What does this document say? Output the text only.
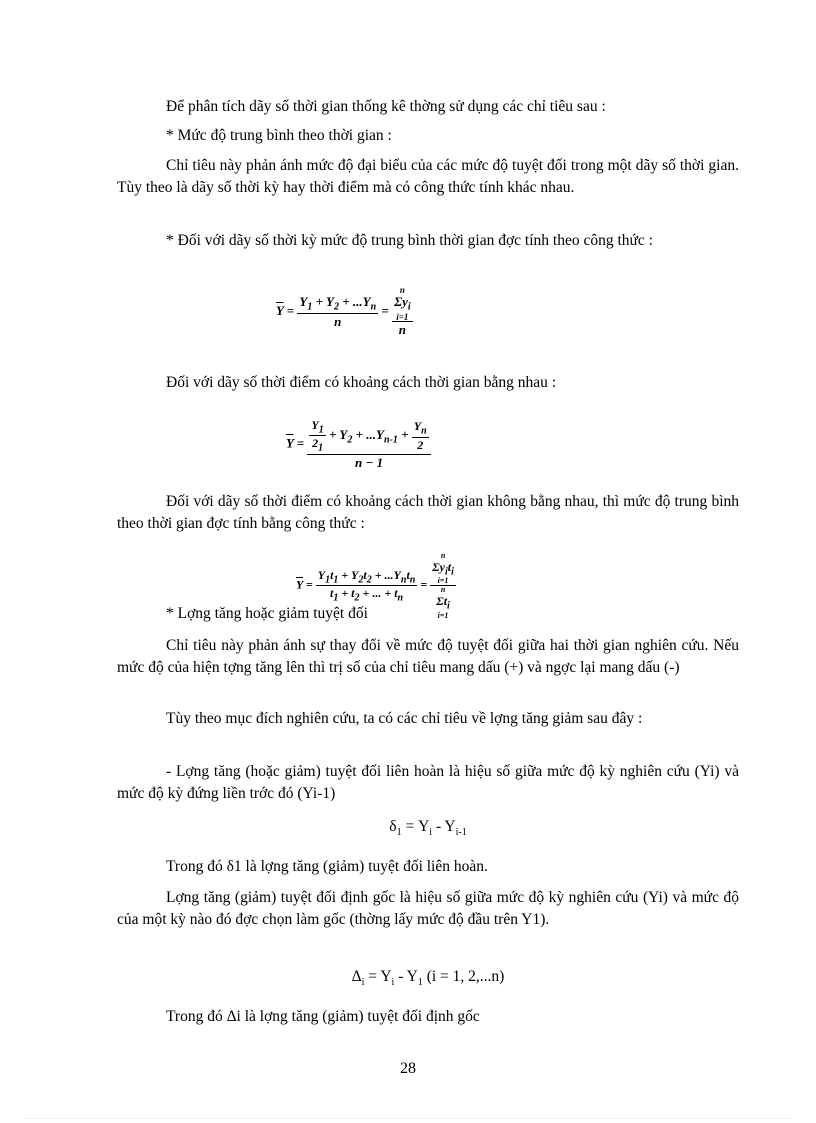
Để phân tích dãy số thời gian thống kê thờng sử dụng các chỉ tiêu sau :

* Mức độ trung bình theo thời gian :

Chỉ tiêu này phản ánh mức độ đại biểu của các mức độ tuyệt đối trong một dãy số thời gian. Tùy theo là dãy số thời kỳ hay thời điểm mà có công thức tính khác nhau.

* Đối với dãy số thời kỳ mức độ trung bình thời gian đợc tính theo công thức :

$\overline{Y} = \frac{Y_1 + Y_2 + ...Y_n}{n} = n$
$\Sigma y_i$
i=1
n

Đối với dãy số thời điểm có khoảng cách thời gian bằng nhau :

$\overline{Y} = \frac{\frac{Y_1}{2_1} + Y_2 + ...Y_{n-1} + \frac{Y_n}{2}}{n - 1}$

Đối với dãy số thời điểm có khoảng cách thời gian không bằng nhau, thì mức độ trung bình theo thời gian đợc tính bằng công thức :

$\overline{Y} = \frac{Y_1t_1 + Y_2t_2 + ...Y_nt_n}{t_1 + t_2 + ... + t_n} = n$
$\Sigma y_it_i$
i=1
n
$\Sigma t_i$
i=1

* Lợng tăng hoặc giảm tuyệt đối

Chỉ tiêu này phản ánh sự thay đổi về mức độ tuyệt đối giữa hai thời gian nghiên cứu. Nếu mức độ của hiện tợng tăng lên thì trị số của chỉ tiêu mang dấu (+) và ngợc lại mang dấu (-)

Tùy theo mục đích nghiên cứu, ta có các chỉ tiêu về lợng tăng giảm sau đây :

- Lợng tăng (hoặc giảm) tuyệt đối liên hoàn là hiệu số giữa mức độ kỳ nghiên cứu (Yi) và mức độ kỳ đứng liền trớc đó (Yi-1)

$\delta_1 = Y_i - Y_{i-1}$

Trong đó δ1 là lợng tăng (giảm) tuyệt đối liên hoàn.

Lợng tăng (giảm) tuyệt đối định gốc là hiệu số giữa mức độ kỳ nghiên cứu (Yi) và mức độ của một kỳ nào đó đợc chọn làm gốc (thờng lấy mức độ đầu trên Y1).

$\Delta_i = Y_i - Y_1$ (i = 1, 2,...n)

Trong đó Δi là lợng tăng (giảm) tuyệt đối định gốc

28
